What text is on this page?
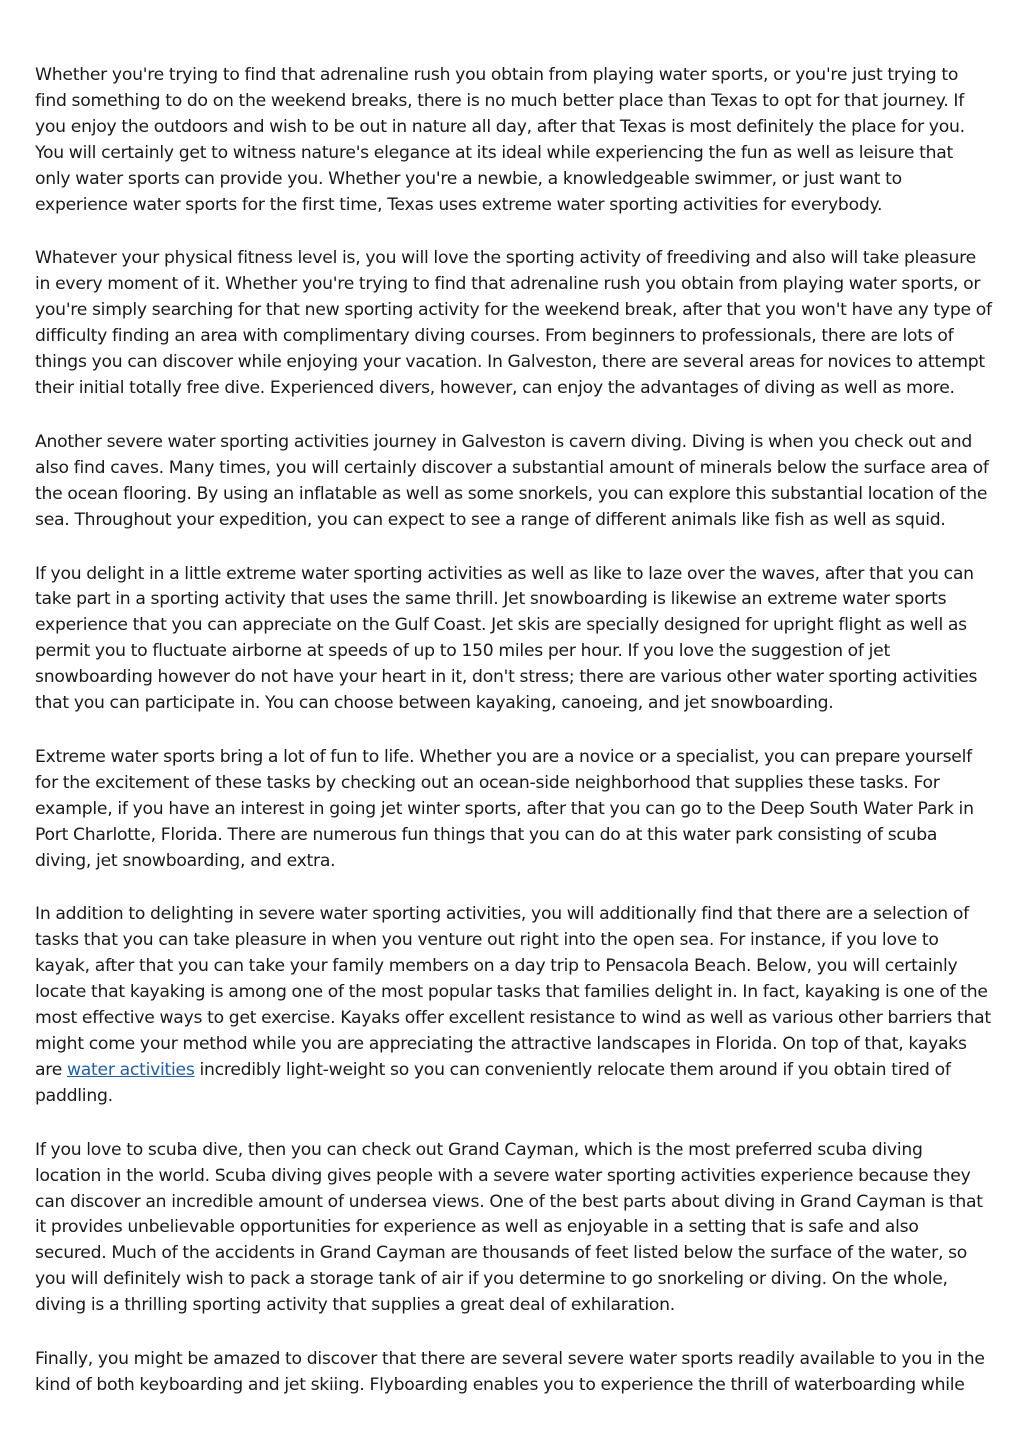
Whether you're trying to find that adrenaline rush you obtain from playing water sports, or you're just trying to find something to do on the weekend breaks, there is no much better place than Texas to opt for that journey. If you enjoy the outdoors and wish to be out in nature all day, after that Texas is most definitely the place for you. You will certainly get to witness nature's elegance at its ideal while experiencing the fun as well as leisure that only water sports can provide you. Whether you're a newbie, a knowledgeable swimmer, or just want to experience water sports for the first time, Texas uses extreme water sporting activities for everybody.

Whatever your physical fitness level is, you will love the sporting activity of freediving and also will take pleasure in every moment of it. Whether you're trying to find that adrenaline rush you obtain from playing water sports, or you're simply searching for that new sporting activity for the weekend break, after that you won't have any type of difficulty finding an area with complimentary diving courses. From beginners to professionals, there are lots of things you can discover while enjoying your vacation. In Galveston, there are several areas for novices to attempt their initial totally free dive. Experienced divers, however, can enjoy the advantages of diving as well as more.

Another severe water sporting activities journey in Galveston is cavern diving. Diving is when you check out and also find caves. Many times, you will certainly discover a substantial amount of minerals below the surface area of the ocean flooring. By using an inflatable as well as some snorkels, you can explore this substantial location of the sea. Throughout your expedition, you can expect to see a range of different animals like fish as well as squid.

If you delight in a little extreme water sporting activities as well as like to laze over the waves, after that you can take part in a sporting activity that uses the same thrill. Jet snowboarding is likewise an extreme water sports experience that you can appreciate on the Gulf Coast. Jet skis are specially designed for upright flight as well as permit you to fluctuate airborne at speeds of up to 150 miles per hour. If you love the suggestion of jet snowboarding however do not have your heart in it, don't stress; there are various other water sporting activities that you can participate in. You can choose between kayaking, canoeing, and jet snowboarding.

Extreme water sports bring a lot of fun to life. Whether you are a novice or a specialist, you can prepare yourself for the excitement of these tasks by checking out an ocean-side neighborhood that supplies these tasks. For example, if you have an interest in going jet winter sports, after that you can go to the Deep South Water Park in Port Charlotte, Florida. There are numerous fun things that you can do at this water park consisting of scuba diving, jet snowboarding, and extra.

In addition to delighting in severe water sporting activities, you will additionally find that there are a selection of tasks that you can take pleasure in when you venture out right into the open sea. For instance, if you love to kayak, after that you can take your family members on a day trip to Pensacola Beach. Below, you will certainly locate that kayaking is among one of the most popular tasks that families delight in. In fact, kayaking is one of the most effective ways to get exercise. Kayaks offer excellent resistance to wind as well as various other barriers that might come your method while you are appreciating the attractive landscapes in Florida. On top of that, kayaks are water activities incredibly light-weight so you can conveniently relocate them around if you obtain tired of paddling.

If you love to scuba dive, then you can check out Grand Cayman, which is the most preferred scuba diving location in the world. Scuba diving gives people with a severe water sporting activities experience because they can discover an incredible amount of undersea views. One of the best parts about diving in Grand Cayman is that it provides unbelievable opportunities for experience as well as enjoyable in a setting that is safe and also secured. Much of the accidents in Grand Cayman are thousands of feet listed below the surface of the water, so you will definitely wish to pack a storage tank of air if you determine to go snorkeling or diving. On the whole, diving is a thrilling sporting activity that supplies a great deal of exhilaration.

Finally, you might be amazed to discover that there are several severe water sports readily available to you in the kind of both keyboarding and jet skiing. Flyboarding enables you to experience the thrill of waterboarding while
